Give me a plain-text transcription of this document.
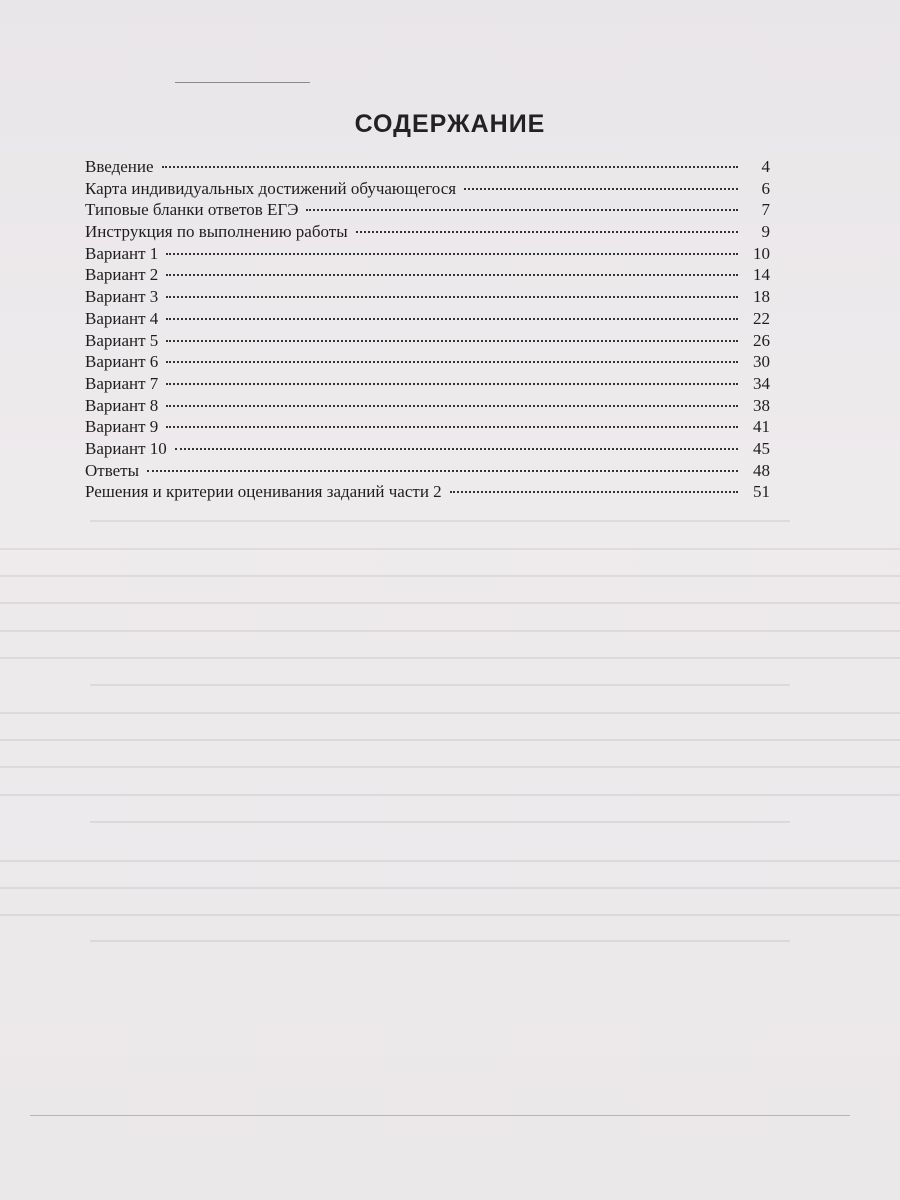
СОДЕРЖАНИЕ
Введение	4
Карта индивидуальных достижений обучающегося	6
Типовые бланки ответов ЕГЭ	7
Инструкция по выполнению работы	9
Вариант 1	10
Вариант 2	14
Вариант 3	18
Вариант 4	22
Вариант 5	26
Вариант 6	30
Вариант 7	34
Вариант 8	38
Вариант 9	41
Вариант 10	45
Ответы	48
Решения и критерии оценивания заданий части 2	51
